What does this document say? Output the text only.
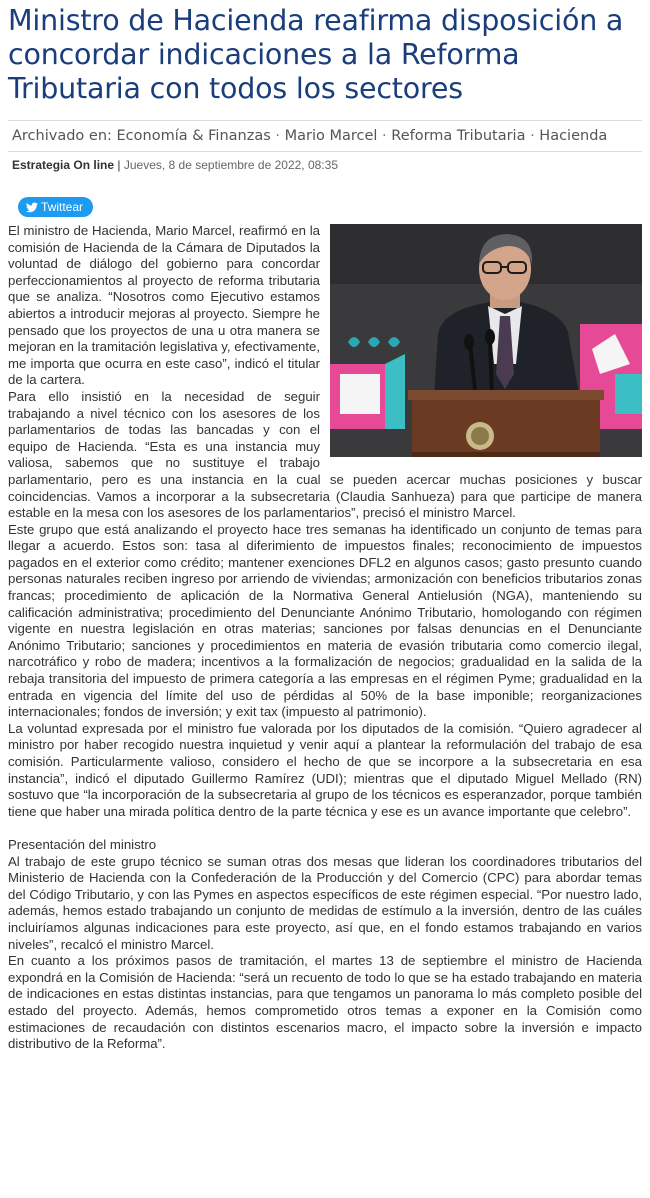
Ministro de Hacienda reafirma disposición a concordar indicaciones a la Reforma Tributaria con todos los sectores
Archivado en: Economía & Finanzas · Mario Marcel · Reforma Tributaria · Hacienda
Estrategia On line | Jueves, 8 de septiembre de 2022, 08:35
Twittear

El ministro de Hacienda, Mario Marcel, reafirmó en la comisión de Hacienda de la Cámara de Diputados la voluntad de diálogo del gobierno para concordar perfeccionamientos al proyecto de reforma tributaria que se analiza. “Nosotros como Ejecutivo estamos abiertos a introducir mejoras al proyecto. Siempre he pensado que los proyectos de una u otra manera se mejoran en la tramitación legislativa y, efectivamente, me importa que ocurra en este caso”, indicó el titular de la cartera.

Para ello insistió en la necesidad de seguir trabajando a nivel técnico con los asesores de los parlamentarios de todas las bancadas y con el equipo de Hacienda. “Esta es una instancia muy valiosa, sabemos que no sustituye el trabajo parlamentario, pero es una instancia en la cual se pueden acercar muchas posiciones y buscar coincidencias. Vamos a incorporar a la subsecretaria (Claudia Sanhueza) para que participe de manera estable en la mesa con los asesores de los parlamentarios”, precisó el ministro Marcel.

Este grupo que está analizando el proyecto hace tres semanas ha identificado un conjunto de temas para llegar a acuerdo. Estos son: tasa al diferimiento de impuestos finales; reconocimiento de impuestos pagados en el exterior como crédito; mantener exenciones DFL2 en algunos casos; gasto presunto cuando personas naturales reciben ingreso por arriendo de viviendas; armonización con beneficios tributarios zonas francas; procedimiento de aplicación de la Normativa General Antielusión (NGA), manteniendo su calificación administrativa; procedimiento del Denunciante Anónimo Tributario, homologando con régimen vigente en nuestra legislación en otras materias; sanciones por falsas denuncias en el Denunciante Anónimo Tributario; sanciones y procedimientos en materia de evasión tributaria como comercio ilegal, narcotráfico y robo de madera; incentivos a la formalización de negocios; gradualidad en la salida de la rebaja transitoria del impuesto de primera categoría a las empresas en el régimen Pyme; gradualidad en la entrada en vigencia del límite del uso de pérdidas al 50% de la base imponible; reorganizaciones internacionales; fondos de inversión; y exit tax (impuesto al patrimonio).

La voluntad expresada por el ministro fue valorada por los diputados de la comisión. “Quiero agradecer al ministro por haber recogido nuestra inquietud y venir aquí a plantear la reformulación del trabajo de esa comisión. Particularmente valioso, considero el hecho de que se incorpore a la subsecretaria en esa instancia”, indicó el diputado Guillermo Ramírez (UDI); mientras que el diputado Miguel Mellado (RN) sostuvo que “la incorporación de la subsecretaria al grupo de los técnicos es esperanzador, porque también tiene que haber una mirada política dentro de la parte técnica y ese es un avance importante que celebro”.

Presentación del ministro

Al trabajo de este grupo técnico se suman otras dos mesas que lideran los coordinadores tributarios del Ministerio de Hacienda con la Confederación de la Producción y del Comercio (CPC) para abordar temas del Código Tributario, y con las Pymes en aspectos específicos de este régimen especial. “Por nuestro lado, además, hemos estado trabajando un conjunto de medidas de estímulo a la inversión, dentro de las cuáles incluiríamos algunas indicaciones para este proyecto, así que, en el fondo estamos trabajando en varios niveles”, recalcó el ministro Marcel.

En cuanto a los próximos pasos de tramitación, el martes 13 de septiembre el ministro de Hacienda expondrá en la Comisión de Hacienda: “será un recuento de todo lo que se ha estado trabajando en materia de indicaciones en estas distintas instancias, para que tengamos un panorama lo más completo posible del estado del proyecto. Además, hemos comprometido otros temas a exponer en la Comisión como estimaciones de recaudación con distintos escenarios macro, el impacto sobre la inversión e impacto distributivo de la Reforma”.
